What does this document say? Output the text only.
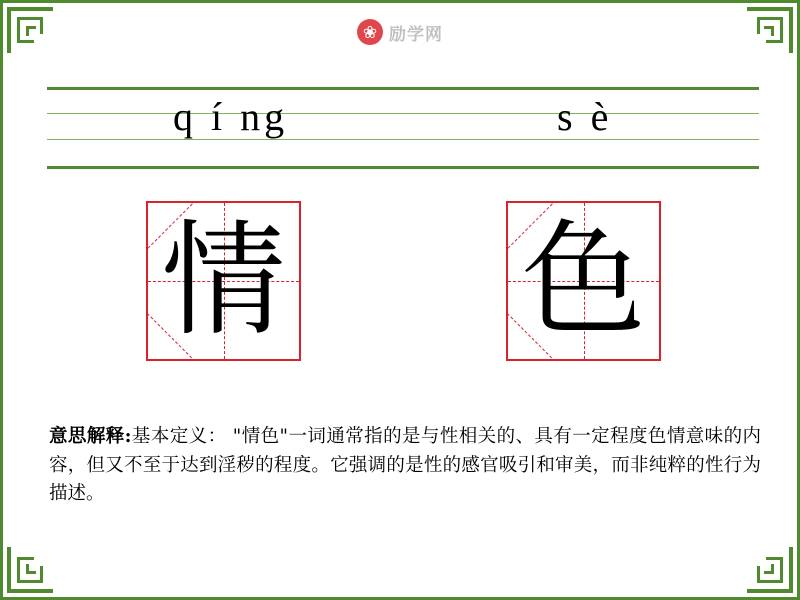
❀ 励学网
q í ng	s è
情 色
意思解释:基本定义： "情色"一词通常指的是与性相关的、具有一定程度色情意味的内容，但又不至于达到淫秽的程度。它强调的是性的感官吸引和审美，而非纯粹的性行为描述。
